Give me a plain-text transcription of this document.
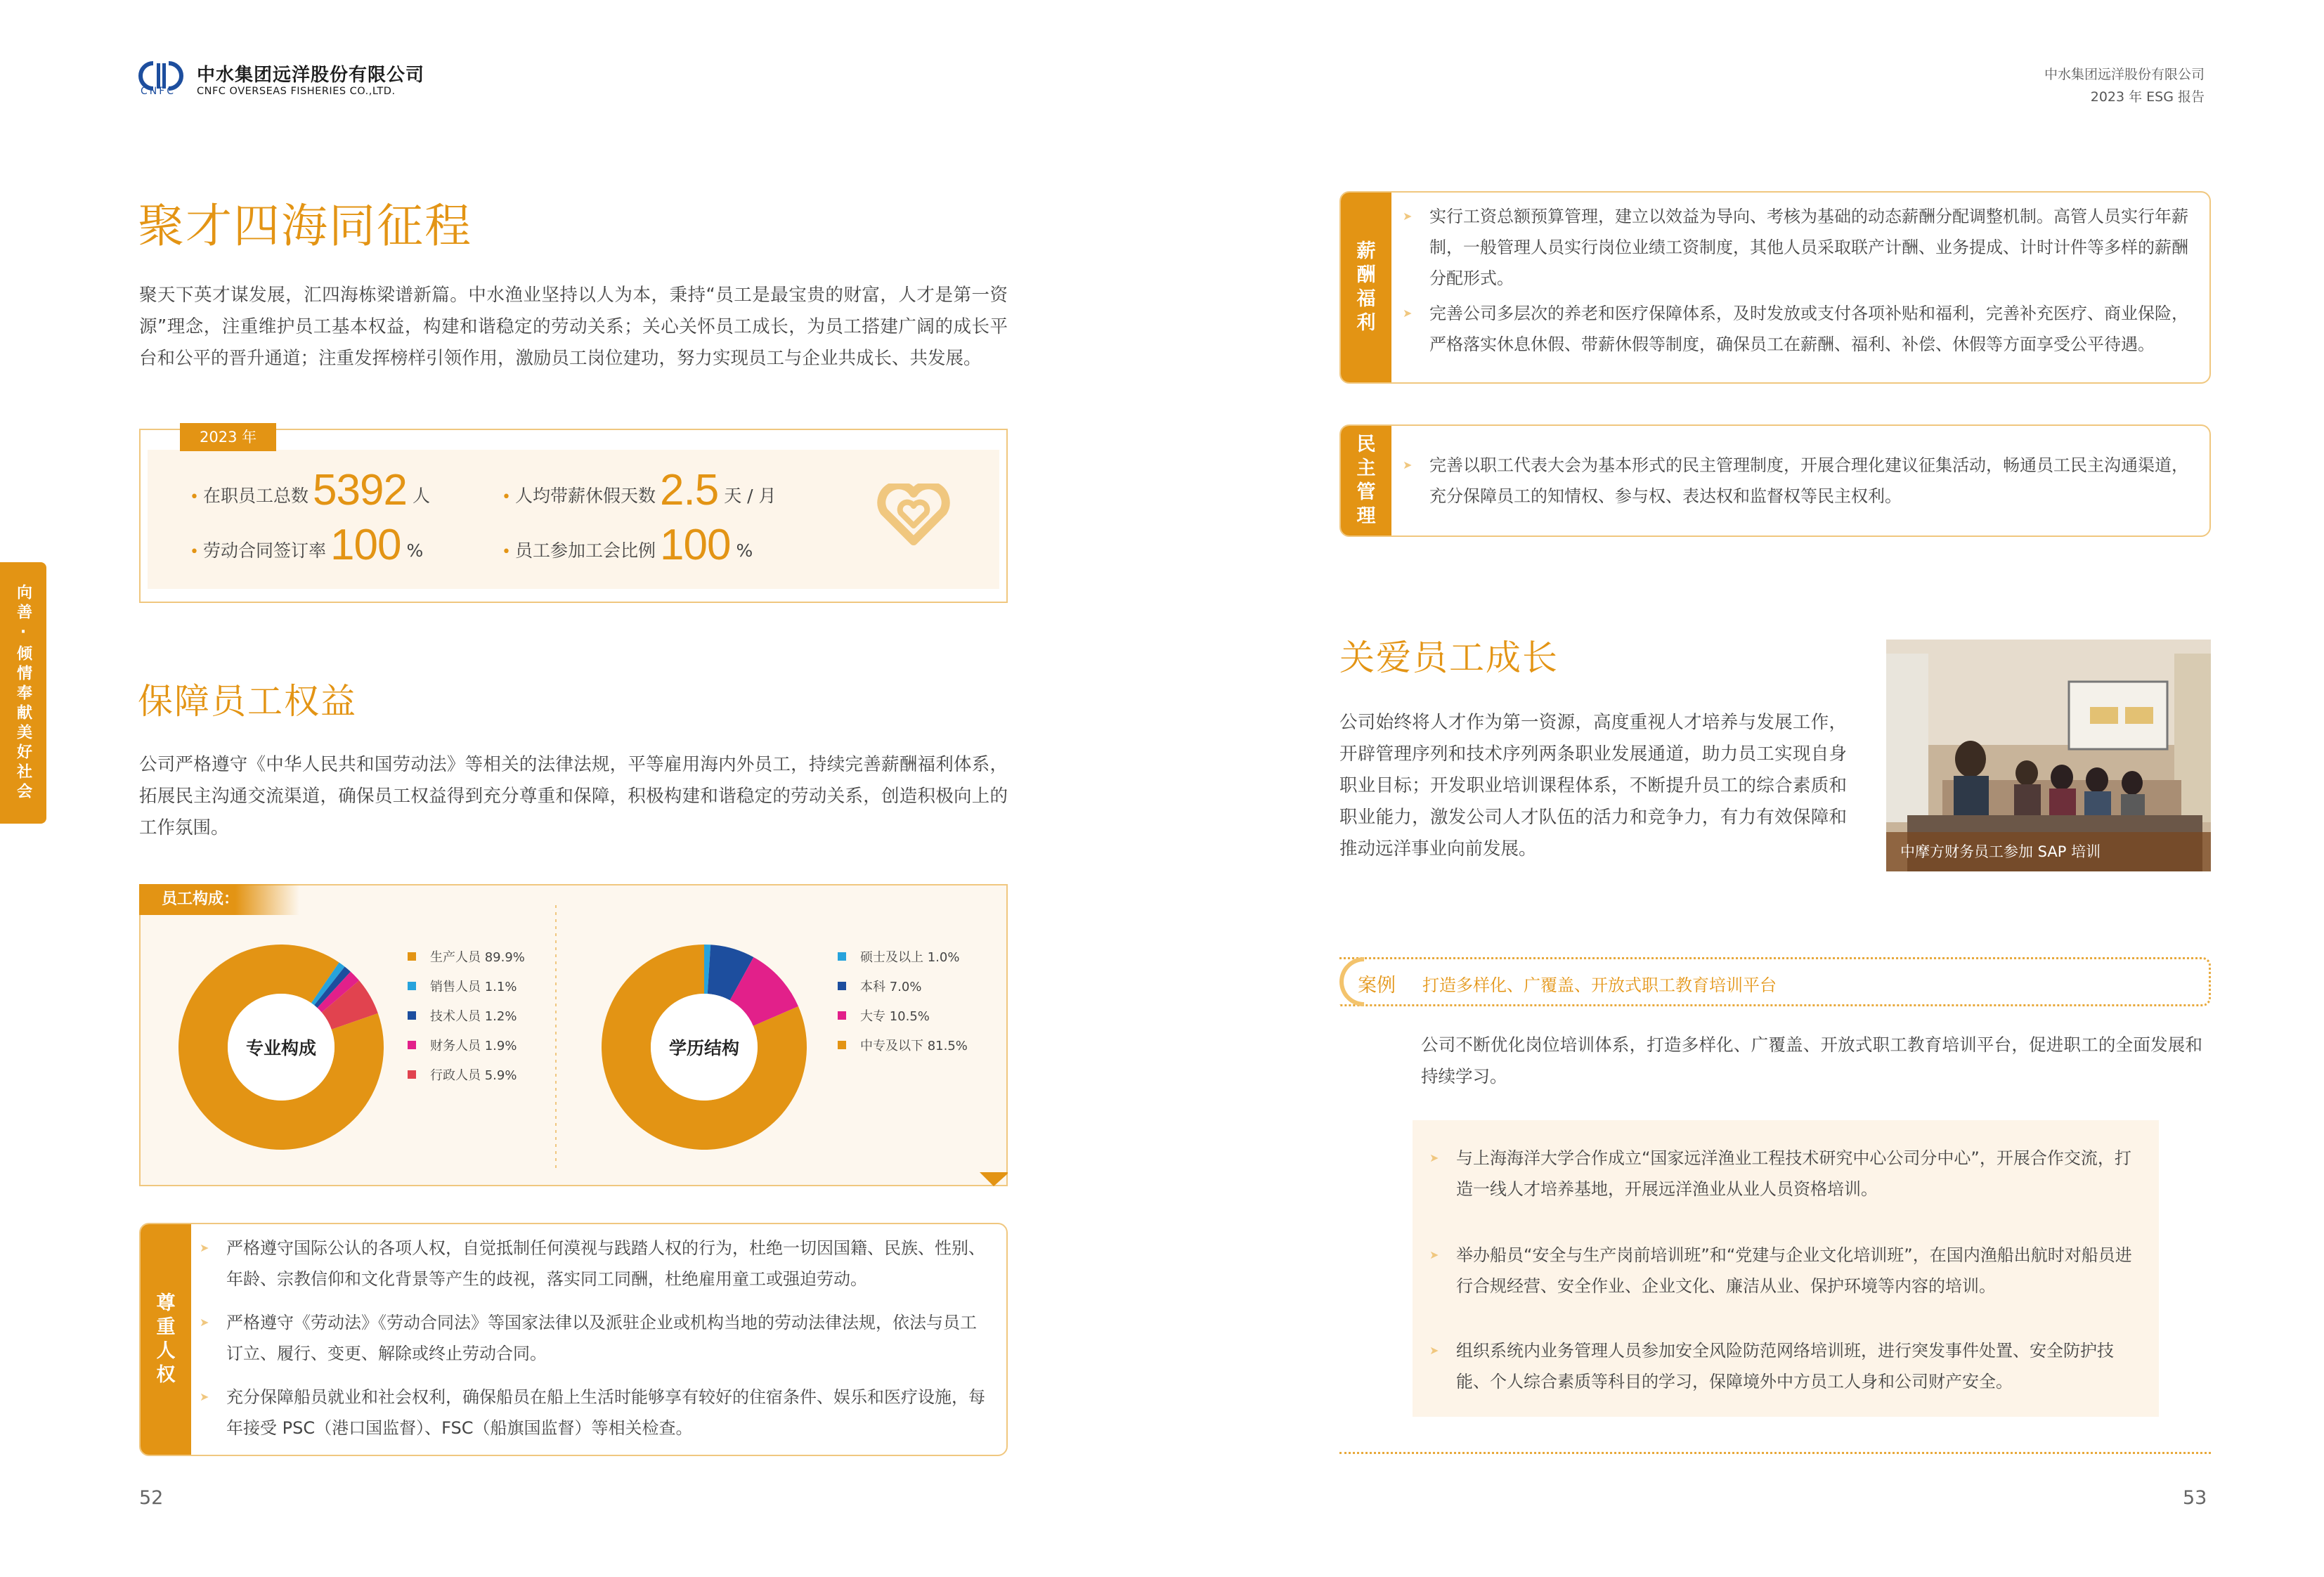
CNFC
中水集团远洋股份有限公司
CNFC OVERSEAS FISHERIES CO.,LTD.
中水集团远洋股份有限公司
2023 年 ESG 报告
向善·倾情奉献美好社会
聚才四海同征程

聚天下英才谋发展，汇四海栋梁谱新篇。中水渔业坚持以人为本，秉持“员工是最宝贵的财富，人才是第一资源”理念，注重维护员工基本权益，构建和谐稳定的劳动关系；关心关怀员工成长，为员工搭建广阔的成长平台和公平的晋升通道；注重发挥榜样引领作用，激励员工岗位建功，努力实现员工与企业共成长、共发展。

2023 年
• 在职员工总数5392 人	• 人均带薪休假天数2.5 天 / 月
• 劳动合同签订率100 %	• 员工参加工会比例100 %
保障员工权益

公司严格遵守《中华人民共和国劳动法》等相关的法律法规，平等雇用海内外员工，持续完善薪酬福利体系，拓展民主沟通交流渠道，确保员工权益得到充分尊重和保障，积极构建和谐稳定的劳动关系，创造积极向上的工作氛围。

员工构成：
专业构成
生产人员 89.9%
销售人员 1.1%
技术人员 1.2%
财务人员 1.9%
行政人员 5.9%
学历结构
硕士及以上 1.0%
本科 7.0%
大专 10.5%
中专及以下 81.5%
尊
重
人
权
➤ 严格遵守国际公认的各项人权，自觉抵制任何漠视与践踏人权的行为，杜绝一切因国籍、民族、性别、年龄、宗教信仰和文化背景等产生的歧视，落实同工同酬，杜绝雇用童工或强迫劳动。
➤ 严格遵守《劳动法》《劳动合同法》等国家法律以及派驻企业或机构当地的劳动法律法规，依法与员工订立、履行、变更、解除或终止劳动合同。
➤ 充分保障船员就业和社会权利，确保船员在船上生活时能够享有较好的住宿条件、娱乐和医疗设施，每年接受 PSC（港口国监督）、FSC（船旗国监督）等相关检查。
52
薪
酬
福
利
➤ 实行工资总额预算管理，建立以效益为导向、考核为基础的动态薪酬分配调整机制。高管人员实行年薪制，一般管理人员实行岗位业绩工资制度，其他人员采取联产计酬、业务提成、计时计件等多样的薪酬分配形式。
➤ 完善公司多层次的养老和医疗保障体系，及时发放或支付各项补贴和福利，完善补充医疗、商业保险，严格落实休息休假、带薪休假等制度，确保员工在薪酬、福利、补偿、休假等方面享受公平待遇。
民
主
管
理
➤ 完善以职工代表大会为基本形式的民主管理制度，开展合理化建议征集活动，畅通员工民主沟通渠道，充分保障员工的知情权、参与权、表达权和监督权等民主权利。
关爱员工成长

公司始终将人才作为第一资源，高度重视人才培养与发展工作，开辟管理序列和技术序列两条职业发展通道，助力员工实现自身职业目标；开发职业培训课程体系，不断提升员工的综合素质和职业能力，激发公司人才队伍的活力和竞争力，有力有效保障和推动远洋事业向前发展。	中摩方财务员工参加 SAP 培训
案例 打造多样化、广覆盖、开放式职工教育培训平台

公司不断优化岗位培训体系，打造多样化、广覆盖、开放式职工教育培训平台，促进职工的全面发展和持续学习。

➤ 与上海海洋大学合作成立“国家远洋渔业工程技术研究中心公司分中心”，开展合作交流，打造一线人才培养基地，开展远洋渔业从业人员资格培训。
➤ 举办船员“安全与生产岗前培训班”和“党建与企业文化培训班”，在国内渔船出航时对船员进行合规经营、安全作业、企业文化、廉洁从业、保护环境等内容的培训。
➤ 组织系统内业务管理人员参加安全风险防范网络培训班，进行突发事件处置、安全防护技能、个人综合素质等科目的学习，保障境外中方员工人身和公司财产安全。
53
